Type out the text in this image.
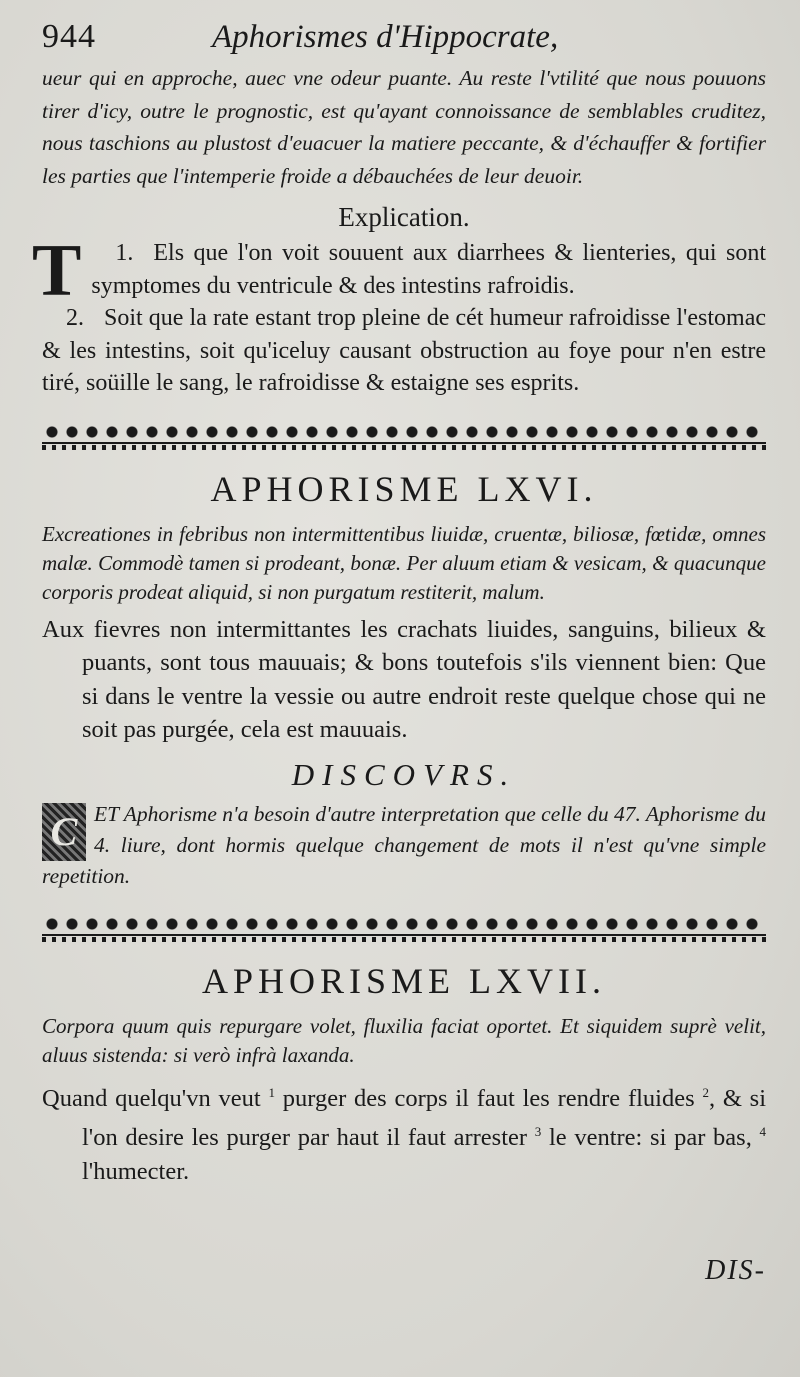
944	Aphorismes d'Hippocrate,

ueur qui en approche, auec vne odeur puante. Au reste l'vtilité que nous pouuons tirer d'icy, outre le prognostic, est qu'ayant connoissance de semblables cruditez, nous taschions au plustost d'euacuer la matiere peccante, & d'échauffer & fortifier les parties que l'intemperie froide a débauchées de leur deuoir.

Explication.

1.
T	Els que l'on voit souuent aux diarrhees & lienteries, qui sont symptomes du ventricule & des intestins rafroidis.

2. Soit que la rate estant trop pleine de cét humeur rafroidisse l'estomac & les intestins, soit qu'iceluy causant obstruction au foye pour n'en estre tiré, soüille le sang, le rafroidisse & estaigne ses esprits.

APHORISME LXVI.

Excreationes in febribus non intermittentibus liuidæ, cruentæ, biliosæ, fœtidæ, omnes malæ. Commodè tamen si prodeant, bonæ. Per aluum etiam & vesicam, & quacunque corporis prodeat aliquid, si non purgatum restiterit, malum.

Aux fievres non intermittantes les crachats liuides, sanguins, bilieux & puants, sont tous mauuais; & bons toutefois s'ils viennent bien: Que si dans le ventre la vessie ou autre endroit reste quelque chose qui ne soit pas purgée, cela est mauuais.

DISCOVRS.
C ET Aphorisme n'a besoin d'autre interpretation que celle du 47. Aphorisme du 4. liure, dont hormis quelque changement de mots il n'est qu'vne simple repetition.
APHORISME LXVII.

Corpora quum quis repurgare volet, fluxilia faciat oportet. Et siquidem suprè velit, aluus sistenda: si verò infrà laxanda.

Quand quelqu'vn veut $^1$ purger des corps il faut les rendre fluides $^2$, & si l'on desire les purger par haut il faut arrester $^3$ le ventre: si par bas, $^4$ l'humecter.

DIS-
